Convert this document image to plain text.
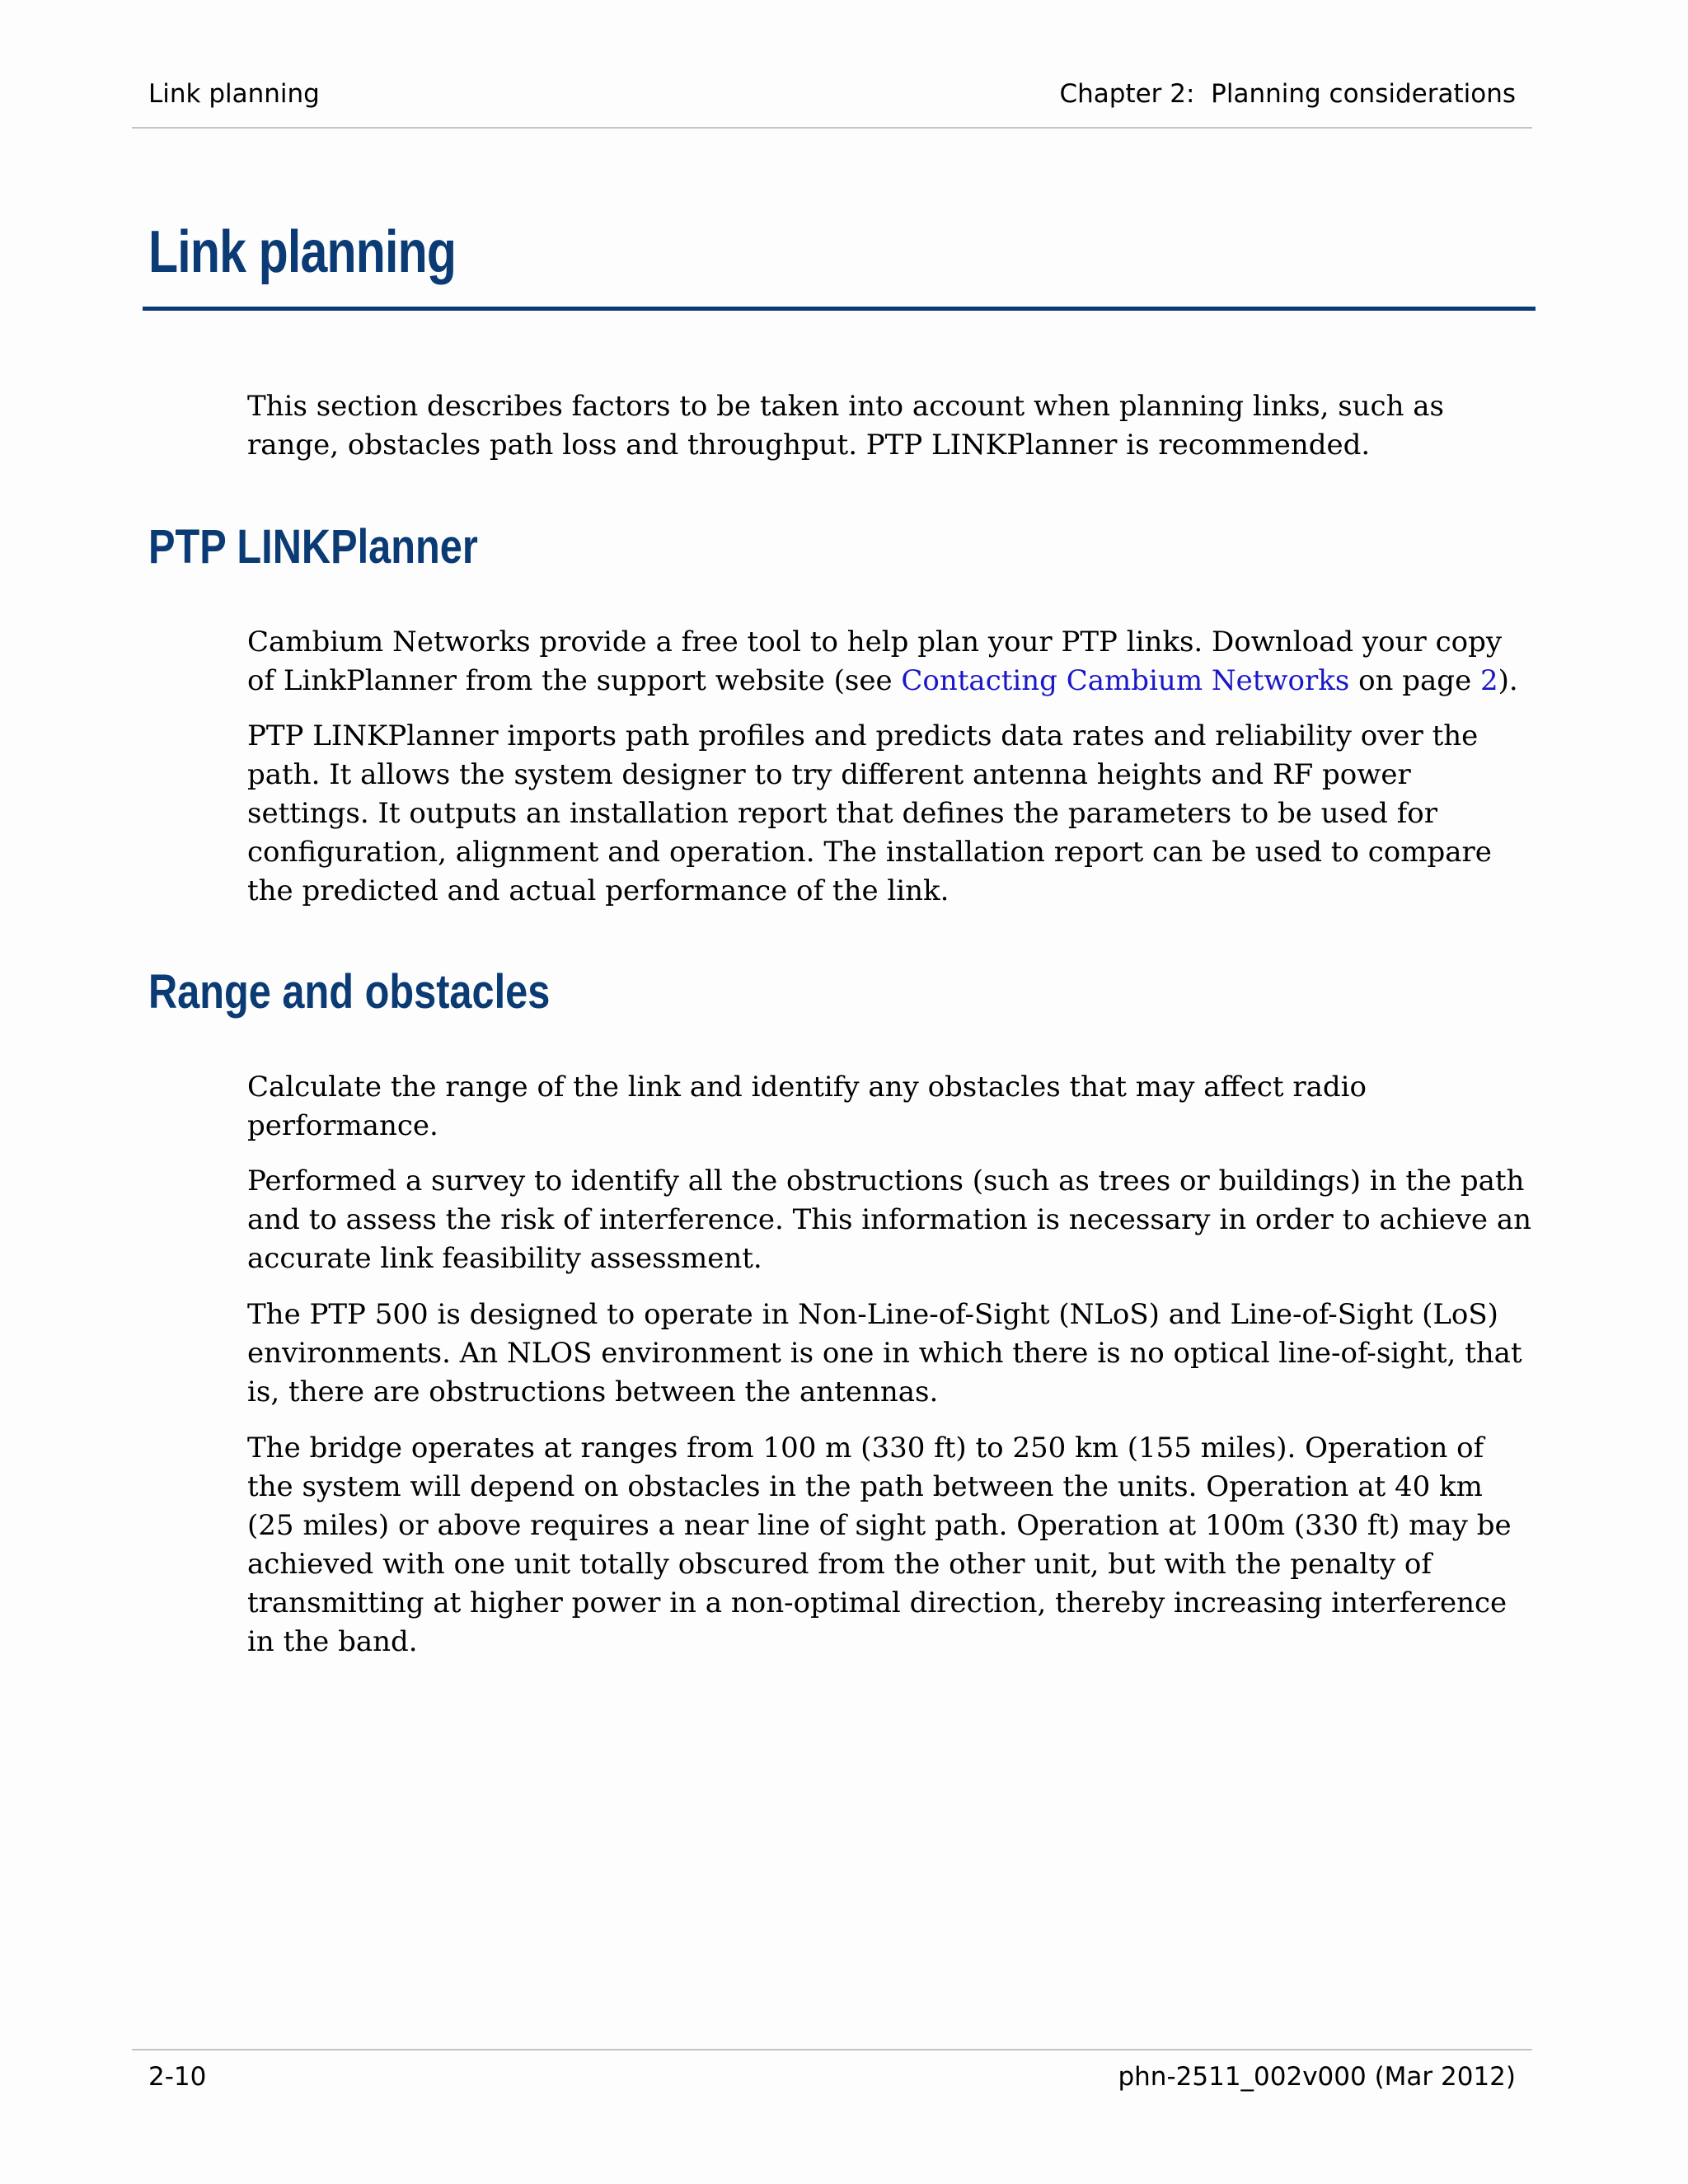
Link planning	Chapter 2:  Planning considerations
Link planning

This section describes factors to be taken into account when planning links, such as range, obstacles path loss and throughput. PTP LINKPlanner is recommended.

PTP LINKPlanner

Cambium Networks provide a free tool to help plan your PTP links. Download your copy of LinkPlanner from the support website (see Contacting Cambium Networks on page 2).

PTP LINKPlanner imports path profiles and predicts data rates and reliability over the path. It allows the system designer to try different antenna heights and RF power settings. It outputs an installation report that defines the parameters to be used for configuration, alignment and operation. The installation report can be used to compare the predicted and actual performance of the link.

Range and obstacles

Calculate the range of the link and identify any obstacles that may affect radio performance.

Performed a survey to identify all the obstructions (such as trees or buildings) in the path and to assess the risk of interference. This information is necessary in order to achieve an accurate link feasibility assessment.

The PTP 500 is designed to operate in Non-Line-of-Sight (NLoS) and Line-of-Sight (LoS) environments. An NLOS environment is one in which there is no optical line-of-sight, that is, there are obstructions between the antennas.

The bridge operates at ranges from 100 m (330 ft) to 250 km (155 miles). Operation of the system will depend on obstacles in the path between the units. Operation at 40 km (25 miles) or above requires a near line of sight path. Operation at 100m (330 ft) may be achieved with one unit totally obscured from the other unit, but with the penalty of transmitting at higher power in a non-optimal direction, thereby increasing interference in the band.

2-10	phn-2511_002v000 (Mar 2012)
